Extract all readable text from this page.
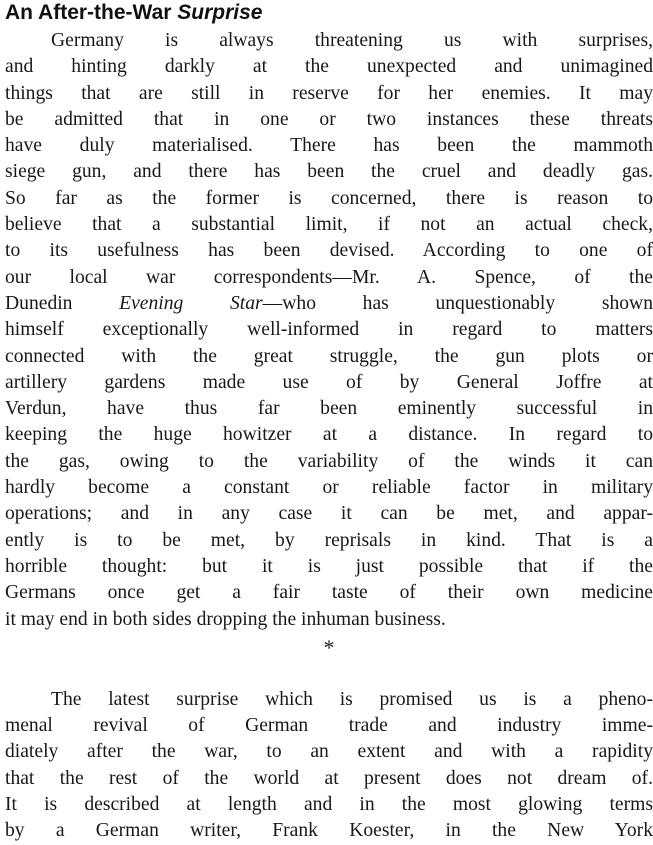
An After-the-War Surprise
Germany is always threatening us with surprises,
and hinting darkly at the unexpected and unimagined
things that are still in reserve for her enemies. It may
be admitted that in one or two instances these threats
have duly materialised. There has been the mammoth
siege gun, and there has been the cruel and deadly gas.
So far as the former is concerned, there is reason to
believe that a substantial limit, if not an actual check,
to its usefulness has been devised. According to one of
our local war correspondents—Mr. A. Spence, of the
Dunedin Evening Star—who has unquestionably shown
himself exceptionally well-informed in regard to matters
connected with the great struggle, the gun plots or
artillery gardens made use of by General Joffre at
Verdun, have thus far been eminently successful in
keeping the huge howitzer at a distance. In regard to
the gas, owing to the variability of the winds it can
hardly become a constant or reliable factor in military
operations; and in any case it can be met, and appar-
ently is to be met, by reprisals in kind. That is a
horrible thought: but it is just possible that if the
Germans once get a fair taste of their own medicine
it may end in both sides dropping the inhuman business.
*
The latest surprise which is promised us is a pheno-
menal revival of German trade and industry imme-
diately after the war, to an extent and with a rapidity
that the rest of the world at present does not dream of.
It is described at length and in the most glowing terms
by a German writer, Frank Koester, in the New York
